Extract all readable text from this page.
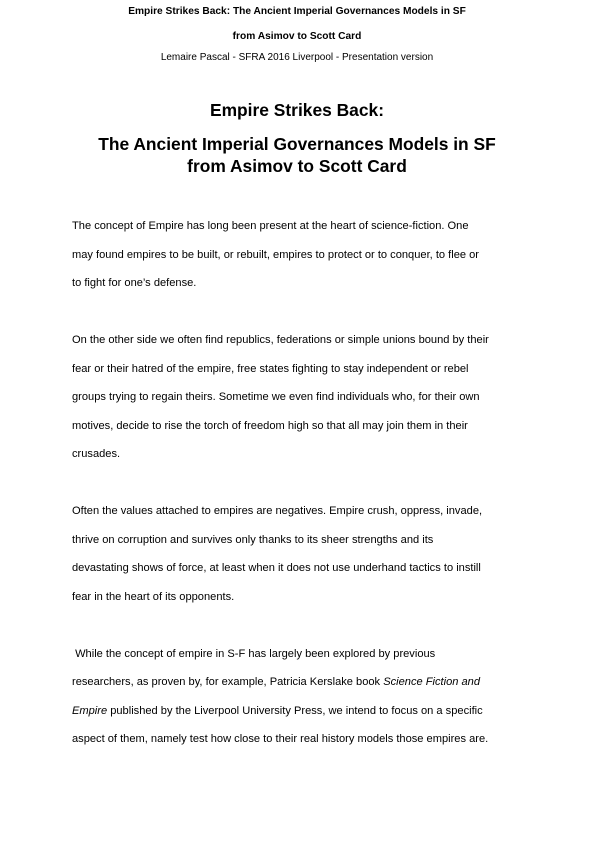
Empire Strikes Back: The Ancient Imperial Governances Models in SF
from Asimov to Scott Card
Lemaire Pascal - SFRA 2016 Liverpool - Presentation version
Empire Strikes Back:
The Ancient Imperial Governances Models in SF
from Asimov to Scott Card

The concept of Empire has long been present at the heart of science-fiction. One
may found empires to be built, or rebuilt, empires to protect or to conquer, to flee or
to fight for one’s defense.

On the other side we often find republics, federations or simple unions bound by their
fear or their hatred of the empire, free states fighting to stay independent or rebel
groups trying to regain theirs. Sometime we even find individuals who, for their own
motives, decide to rise the torch of freedom high so that all may join them in their
crusades.

Often the values attached to empires are negatives. Empire crush, oppress, invade,
thrive on corruption and survives only thanks to its sheer strengths and its
devastating shows of force, at least when it does not use underhand tactics to instill
fear in the heart of its opponents.

While the concept of empire in S-F has largely been explored by previous
researchers, as proven by, for example, Patricia Kerslake book Science Fiction and
Empire published by the Liverpool University Press, we intend to focus on a specific
aspect of them, namely test how close to their real history models those empires are.
